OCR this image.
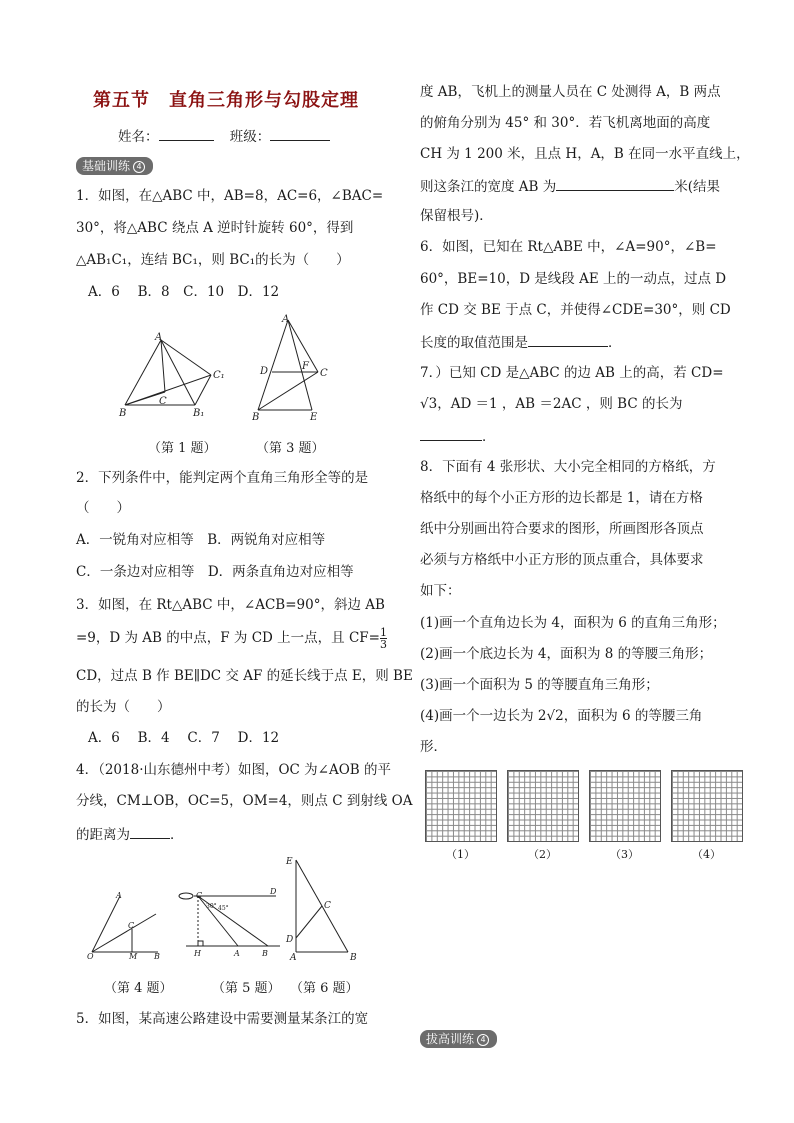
第五节　直角三角形与勾股定理
姓名：	班级：
基础训练 4
1．如图，在△ABC 中，AB=8，AC=6，∠BAC=
30°，将△ABC 绕点 A 逆时针旋转 60°，得到
△AB₁C₁，连结 BC₁，则 BC₁的长为（　　）
A．6　 B．8　C．10　D．12
A
B
C
C₁
B₁
A
D	F
C
B	E
（第 1 题）	（第 3 题）
2．下列条件中，能判定两个直角三角形全等的是
（　　）
A．一锐角对应相等　B．两锐角对应相等
C．一条边对应相等　D．两条直角边对应相等
3．如图，在 Rt△ABC 中，∠ACB=90°，斜边 AB
=9，D 为 AB 的中点，F 为 CD 上一点，且 $CF= \frac{1}{3}$
CD，过点 B 作 BE∥DC 交 AF 的延长线于点 E，则 BE
的长为（　　）
A．6　 B．4　 C．7　 D．12
4．（2018·山东德州中考）如图，OC 为∠AOB 的平
分线，CM⊥OB，OC=5，OM=4，则点 C 到射线 OA
的距离为	．
A
C
O	M B
C	D
30° 45°
H	A	B
E
C
D
A	B
（第 4 题）	（第 5 题） （第 6 题）
5．如图，某高速公路建设中需要测量某条江的宽
度 AB，飞机上的测量人员在 C 处测得 A，B 两点
的俯角分别为 45° 和 30°．若飞机离地面的高度
CH 为 1 200 米，且点 H，A，B 在同一水平直线上，
则这条江的宽度 AB 为	米(结果
保留根号)．
6．如图，已知在 Rt△ABE 中，∠A=90°，∠B=
60°，BE=10，D 是线段 AE 上的一动点，过点 D
作 CD 交 BE 于点 C，并使得∠CDE=30°，则 CD
长度的取值范围是	．
7．）已知 CD 是△ABC 的边 AB 上的高，若 CD=
√3，AD ＝1 ，AB ＝2AC ，则 BC 的长为
．
8．下面有 4 张形状、大小完全相同的方格纸，方
格纸中的每个小正方形的边长都是 1，请在方格
纸中分别画出符合要求的图形，所画图形各顶点
必须与方格纸中小正方形的顶点重合，具体要求
如下：
(1)画一个直角边长为 4，面积为 6 的直角三角形；
(2)画一个底边长为 4，面积为 8 的等腰三角形；
(3)画一个面积为 5 的等腰直角三角形；
(4)画一个一边长为 2√2，面积为 6 的等腰三角
形．
（1）	（2）	（3）	（4）
拔高训练 4
